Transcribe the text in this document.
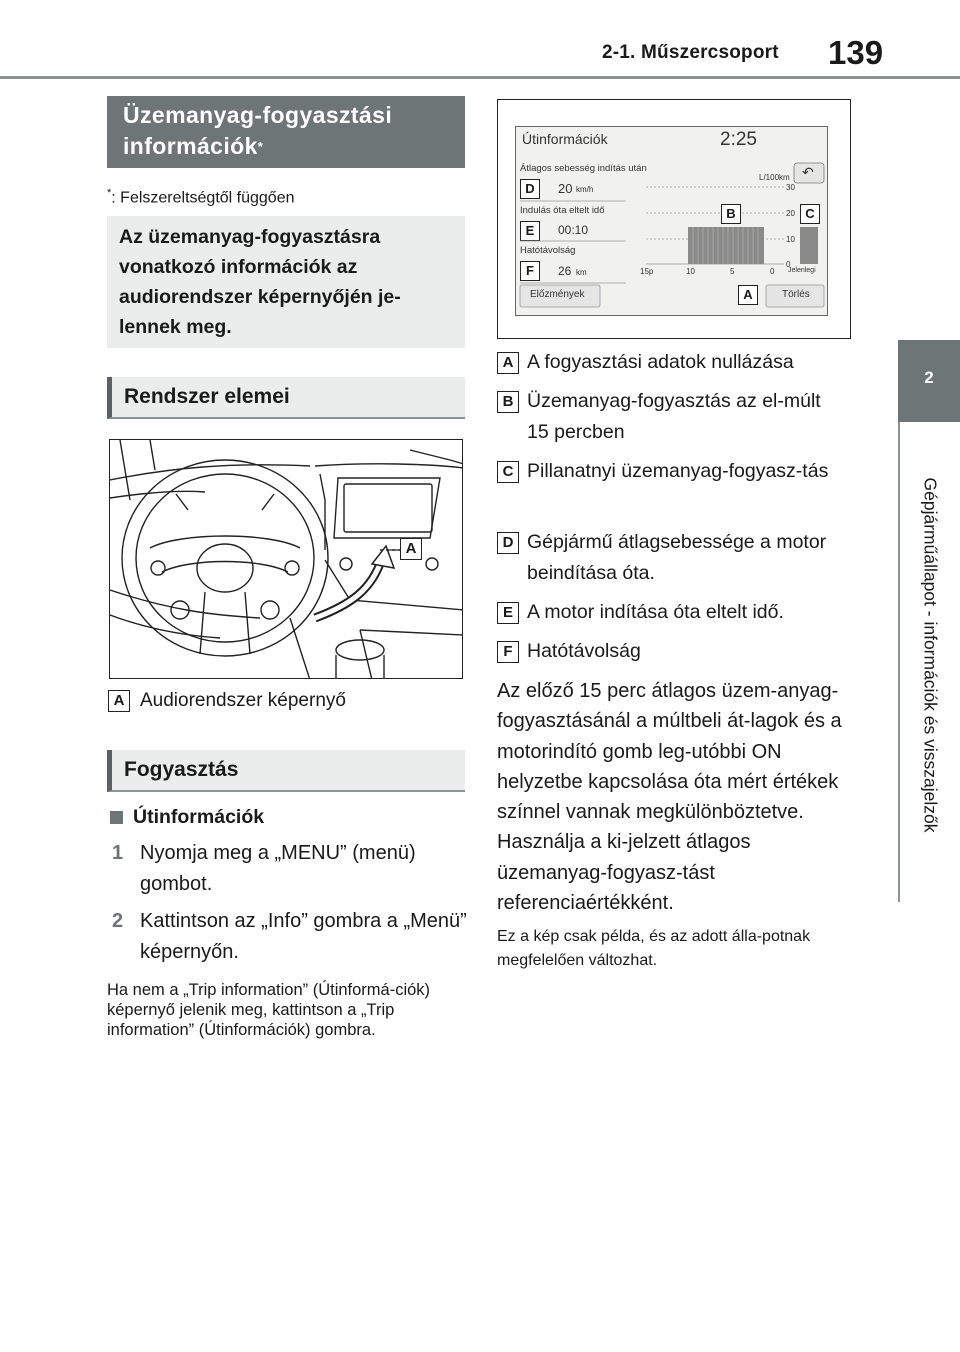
2-1. Műszercsoport 139
2
Gépjárműállapot - információk és visszajelzők
Üzemanyag-fogyasztási
információk*
*: Felszereltségtől függően
Az üzemanyag-fogyasztásra
vonatkozó információk az
audiorendszer képernyőjén je-
lennek meg.
Rendszer elemei
A
A Audiorendszer képernyő
Fogyasztás
Útinformációk
1 Nyomja meg a „MENU” (menü) gombot.
2 Kattintson az „Info” gombra a „Menü” képernyőn.
Ha nem a „Trip information” (Útinformá-ciók) képernyő jelenik meg, kattintson a „Trip information” (Útinformációk) gombra.
Útinformációk	2:25
Átlagos sebesség indítás után
D	20 km/h
Indulás óta eltelt idő
E	00:10
Hatótávolság
F	26 km
↶
L/100km
30
20
10
0
15p	10	5	0 Jelenlegi
B	C
Előzmények	A	Törlés
A A fogyasztási adatok nullázása
B Üzemanyag-fogyasztás az el-múlt 15 percben
C Pillanatnyi üzemanyag-fogyasz-tás
D Gépjármű átlagsebessége a motor beindítása óta.
E A motor indítása óta eltelt idő.
F Hatótávolság
Az előző 15 perc átlagos üzem-anyag-fogyasztásánál a múltbeli át-lagok és a motorindító gomb leg-utóbbi ON helyzetbe kapcsolása óta mért értékek színnel vannak megkülönböztetve. Használja a ki-jelzett átlagos üzemanyag-fogyasz-tást referenciaértékként.
Ez a kép csak példa, és az adott álla-potnak megfelelően változhat.
